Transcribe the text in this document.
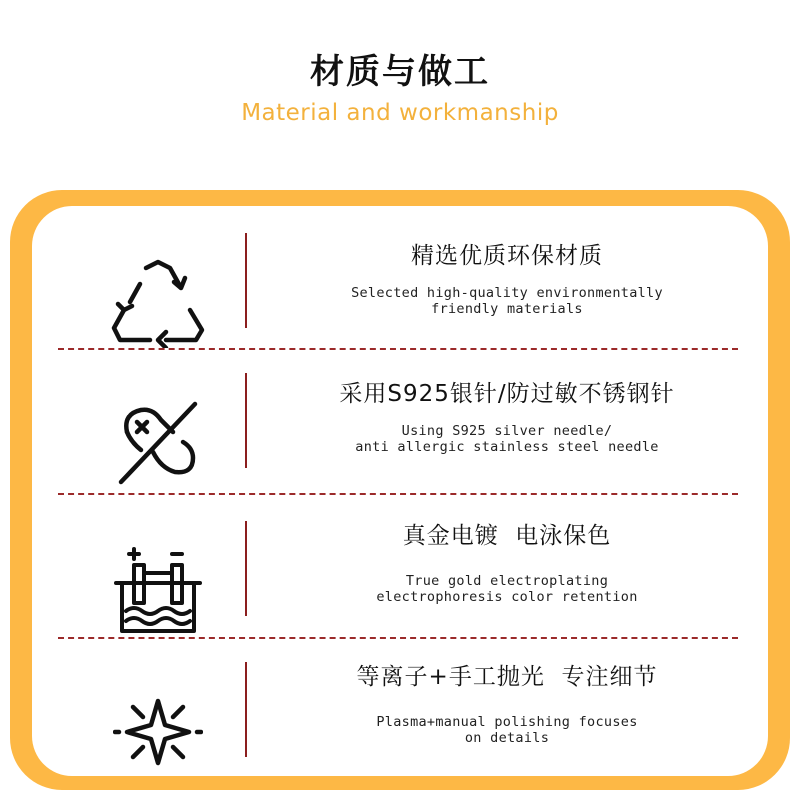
材质与做工
Material and workmanship
精选优质环保材质
Selected high-quality environmentally
friendly materials
采用S925银针/防过敏不锈钢针
Using S925 silver needle/
anti allergic stainless steel needle
真金电镀  电泳保色
True gold electroplating
electrophoresis color retention
等离子+手工抛光  专注细节
Plasma+manual polishing focuses
on details
